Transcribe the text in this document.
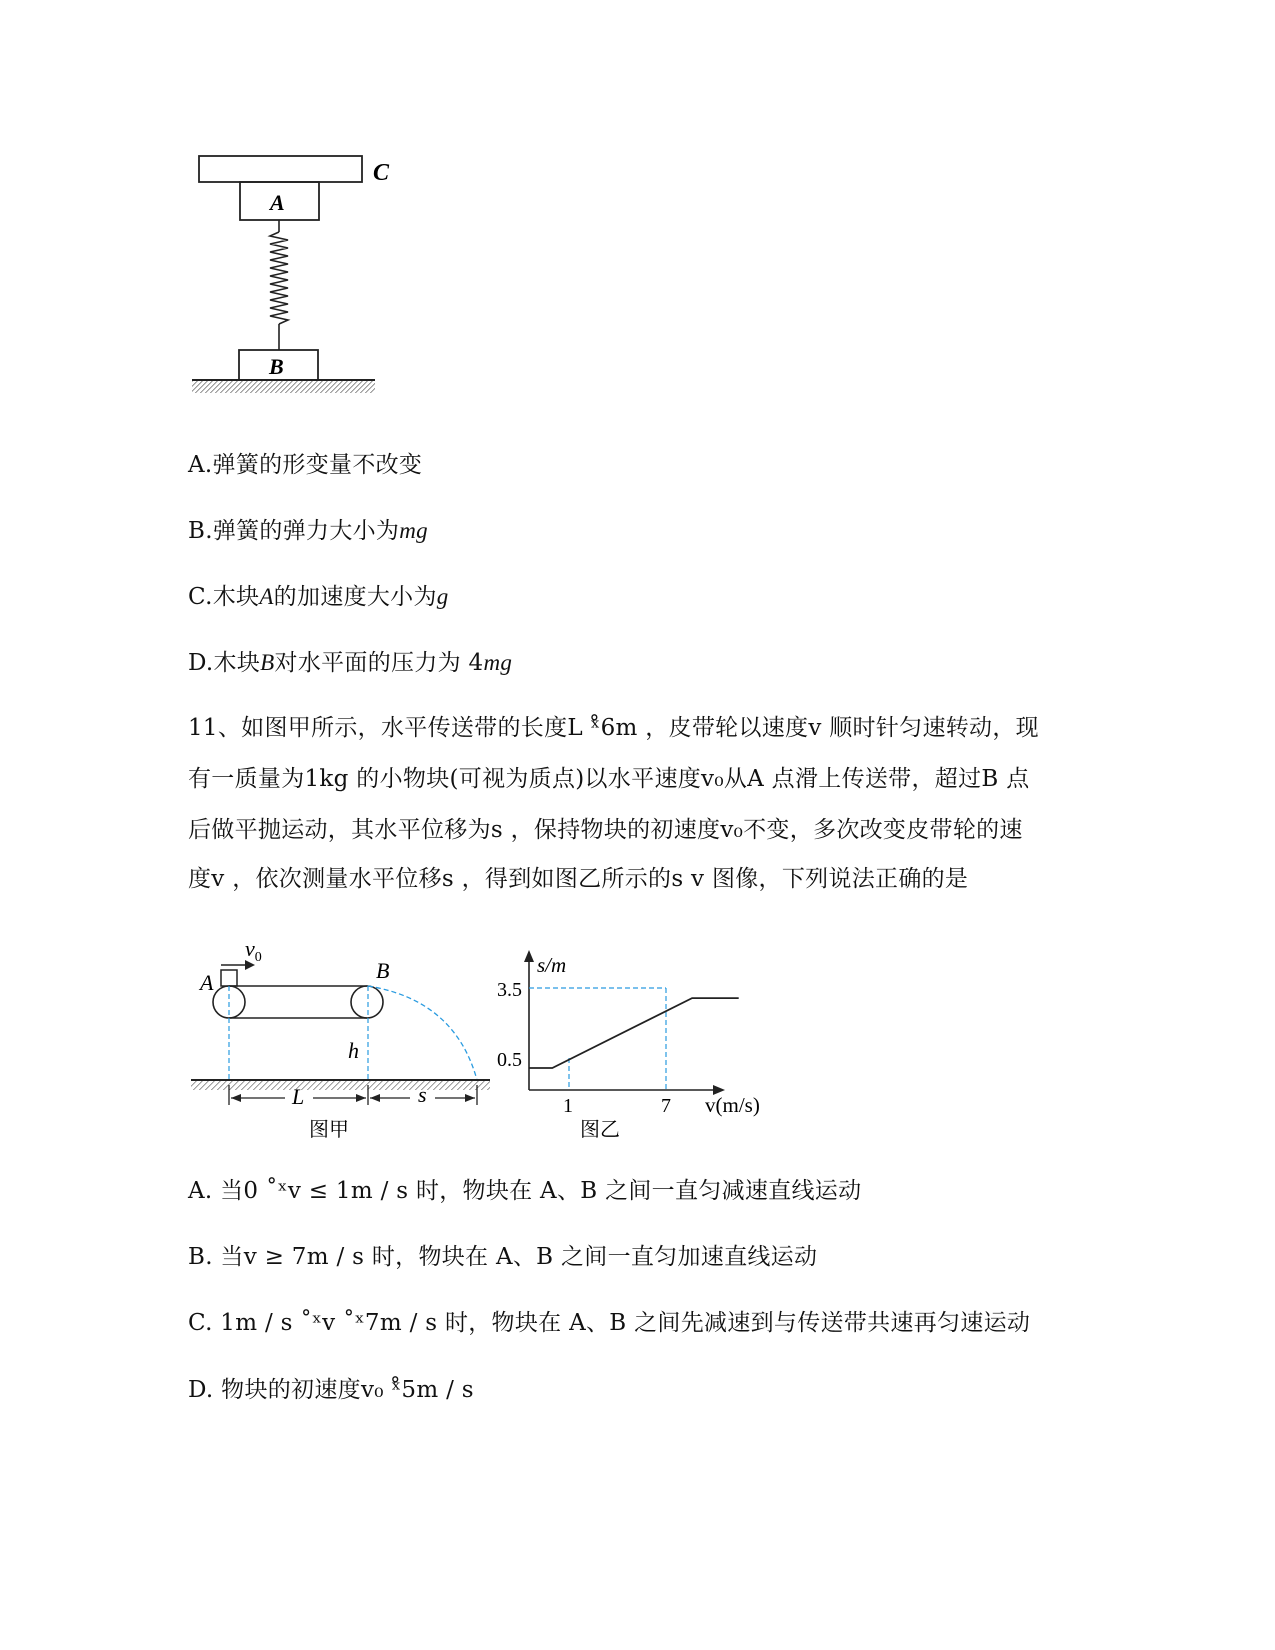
C
A
B
A.弹簧的形变量不改变
B.弹簧的弹力大小为mg
C.木块A的加速度大小为g
D.木块B对水平面的压力为 4mg
11、如图甲所示，水平传送带的长度L ˣ̊6m ，皮带轮以速度v 顺时针匀速转动，现
有一质量为1kg 的小物块(可视为质点)以水平速度v₀从A 点滑上传送带，超过B 点
后做平抛运动，其水平位移为s ，保持物块的初速度v₀不变，多次改变皮带轮的速
度v ，依次测量水平位移s ，得到如图乙所示的s v 图像，下列说法正确的是
$v_0$
A	B
h
L	s
图甲
s/m
v(m/s)
3.5
0.5
1	7
图乙
A. 当0 ˚ˣv ≤ 1m / s 时，物块在 A、B 之间一直匀减速直线运动
B. 当v ≥ 7m / s 时，物块在 A、B 之间一直匀加速直线运动
C. 1m / s ˚ˣv ˚ˣ7m / s 时，物块在 A、B 之间先减速到与传送带共速再匀速运动
D. 物块的初速度v₀ ˣ̊5m / s
